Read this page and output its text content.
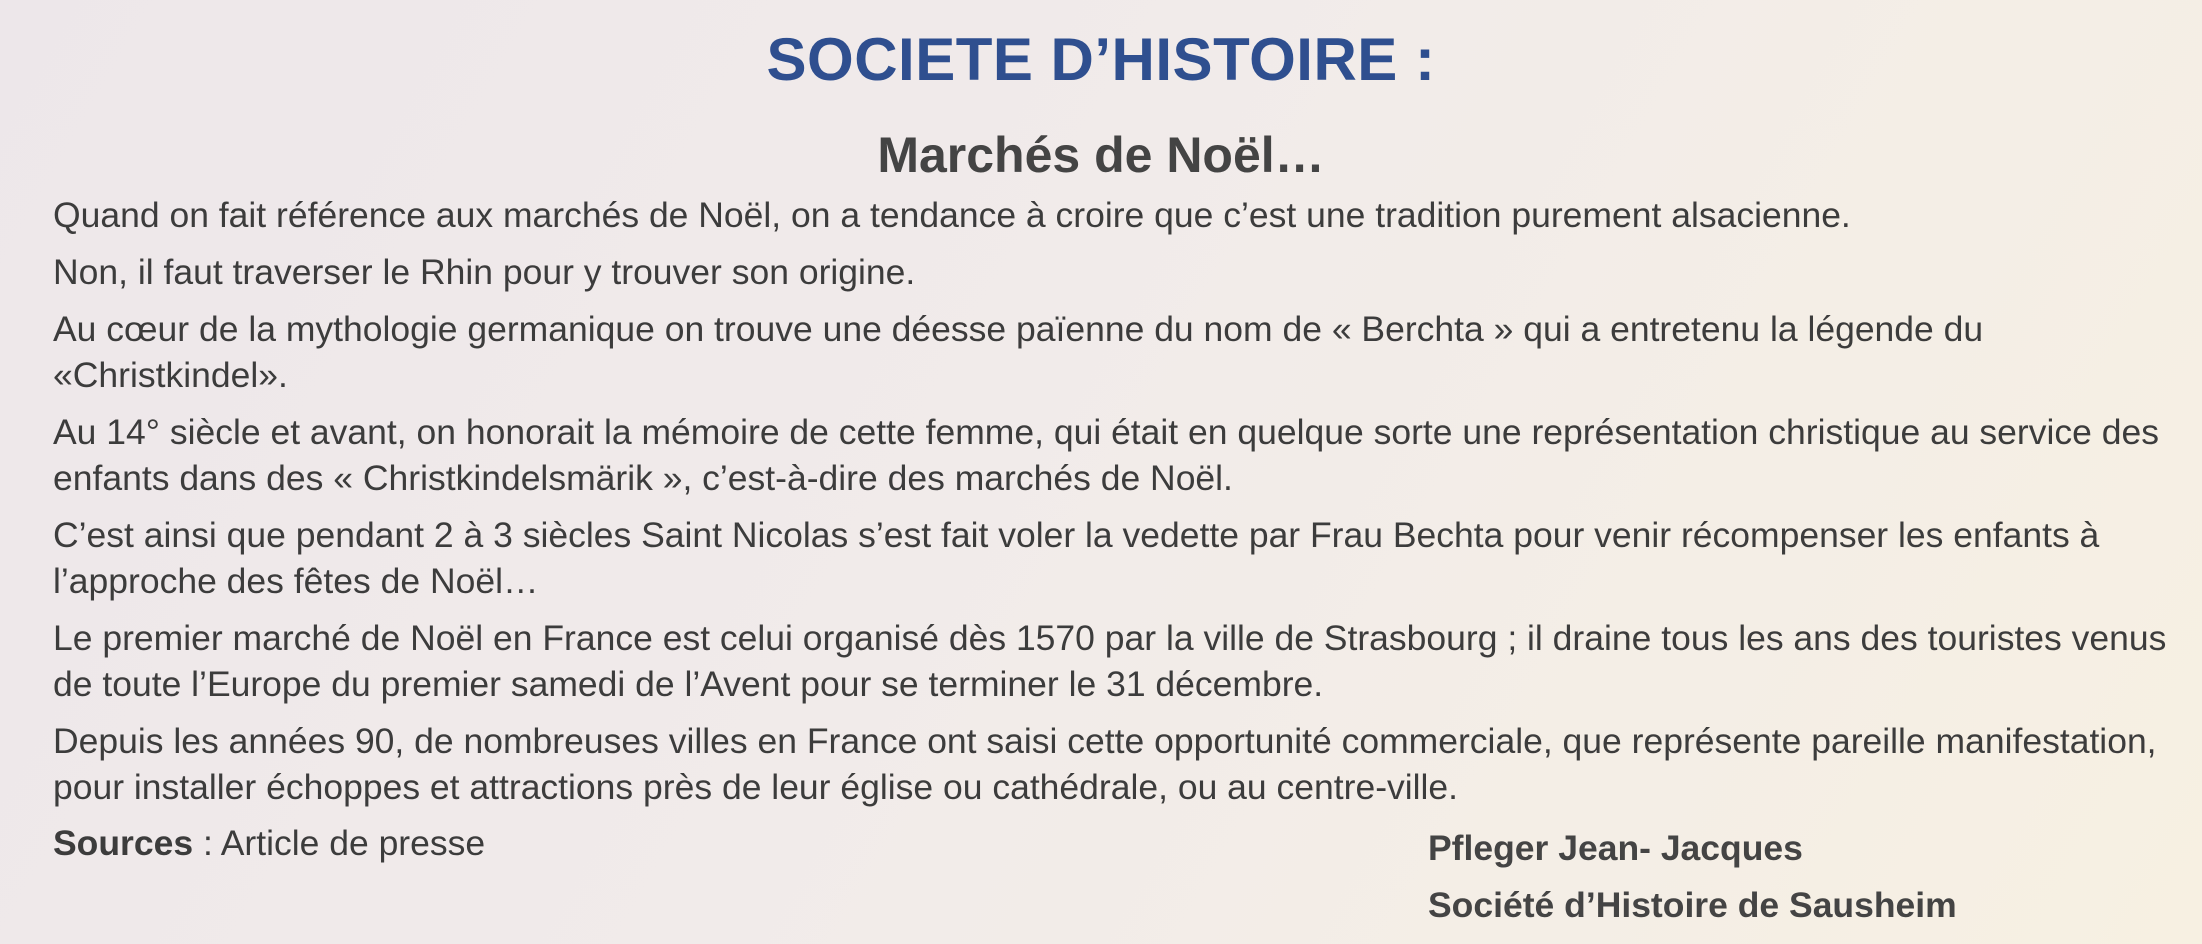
SOCIETE D’HISTOIRE :
Marchés de Noël…

Quand on fait référence aux marchés de Noël, on a tendance à croire que c’est une tradition purement alsacienne.

Non, il faut traverser le Rhin pour y trouver son origine.

Au cœur de la mythologie germanique on trouve une déesse païenne du nom de « Berchta » qui a entretenu la légende du «Christkindel».

Au 14° siècle et avant, on honorait la mémoire de cette femme, qui était en quelque sorte une représentation christique au service des enfants dans des « Christkindelsmärik », c’est-à-dire des marchés de Noël.

C’est ainsi que pendant 2 à 3 siècles Saint Nicolas s’est fait voler la vedette par Frau Bechta pour venir récompenser les enfants à l’approche des fêtes de Noël…

Le premier marché de Noël en France est celui organisé dès 1570 par la ville de Strasbourg ; il draine tous les ans des touristes venus de toute l’Europe du premier samedi de l’Avent pour se terminer le 31 décembre.

Depuis les années 90, de nombreuses villes en France ont saisi cette opportunité commerciale, que représente pareille manifestation, pour installer échoppes et attractions près de leur église ou cathédrale, ou au centre-ville.

Sources : Article de presse	Pfleger Jean- Jacques
Société d’Histoire de Sausheim
